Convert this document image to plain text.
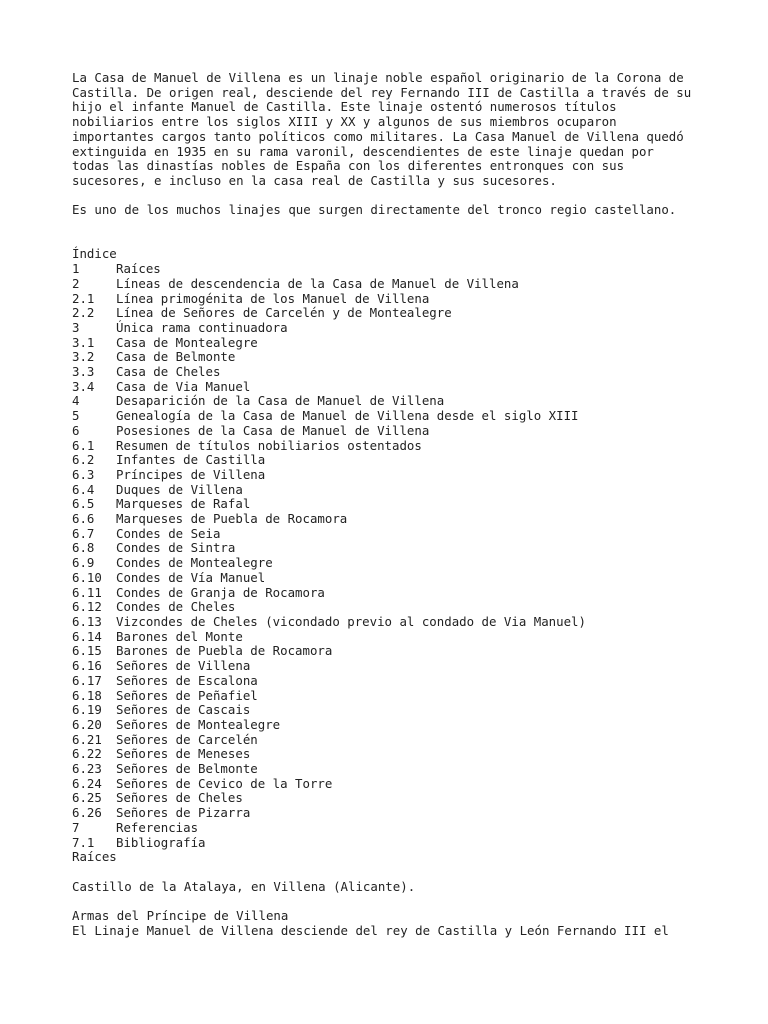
La Casa de Manuel de Villena es un linaje noble español originario de la Corona de
Castilla. De origen real, desciende del rey Fernando III de Castilla a través de su
hijo el infante Manuel de Castilla. Este linaje ostentó numerosos títulos
nobiliarios entre los siglos XIII y XX y algunos de sus miembros ocuparon
importantes cargos tanto políticos como militares. La Casa Manuel de Villena quedó
extinguida en 1935 en su rama varonil, descendientes de este linaje quedan por
todas las dinastías nobles de España con los diferentes entronques con sus
sucesores, e incluso en la casa real de Castilla y sus sucesores.
Es uno de los muchos linajes que surgen directamente del tronco regio castellano.
Índice
1	Raíces
2	Líneas de descendencia de la Casa de Manuel de Villena
2.1	Línea primogénita de los Manuel de Villena
2.2	Línea de Señores de Carcelén y de Montealegre
3	Única rama continuadora
3.1	Casa de Montealegre
3.2	Casa de Belmonte
3.3	Casa de Cheles
3.4	Casa de Via Manuel
4	Desaparición de la Casa de Manuel de Villena
5	Genealogía de la Casa de Manuel de Villena desde el siglo XIII
6	Posesiones de la Casa de Manuel de Villena
6.1	Resumen de títulos nobiliarios ostentados
6.2	Infantes de Castilla
6.3	Príncipes de Villena
6.4	Duques de Villena
6.5	Marqueses de Rafal
6.6	Marqueses de Puebla de Rocamora
6.7	Condes de Seia
6.8	Condes de Sintra
6.9	Condes de Montealegre
6.10	Condes de Vía Manuel
6.11	Condes de Granja de Rocamora
6.12	Condes de Cheles
6.13	Vizcondes de Cheles (vicondado previo al condado de Via Manuel)
6.14	Barones del Monte
6.15	Barones de Puebla de Rocamora
6.16	Señores de Villena
6.17	Señores de Escalona
6.18	Señores de Peñafiel
6.19	Señores de Cascais
6.20	Señores de Montealegre
6.21	Señores de Carcelén
6.22	Señores de Meneses
6.23	Señores de Belmonte
6.24	Señores de Cevico de la Torre
6.25	Señores de Cheles
6.26	Señores de Pizarra
7	Referencias
7.1	Bibliografía
Raíces
Castillo de la Atalaya, en Villena (Alicante).
Armas del Príncipe de Villena
El Linaje Manuel de Villena desciende del rey de Castilla y León Fernando III el
